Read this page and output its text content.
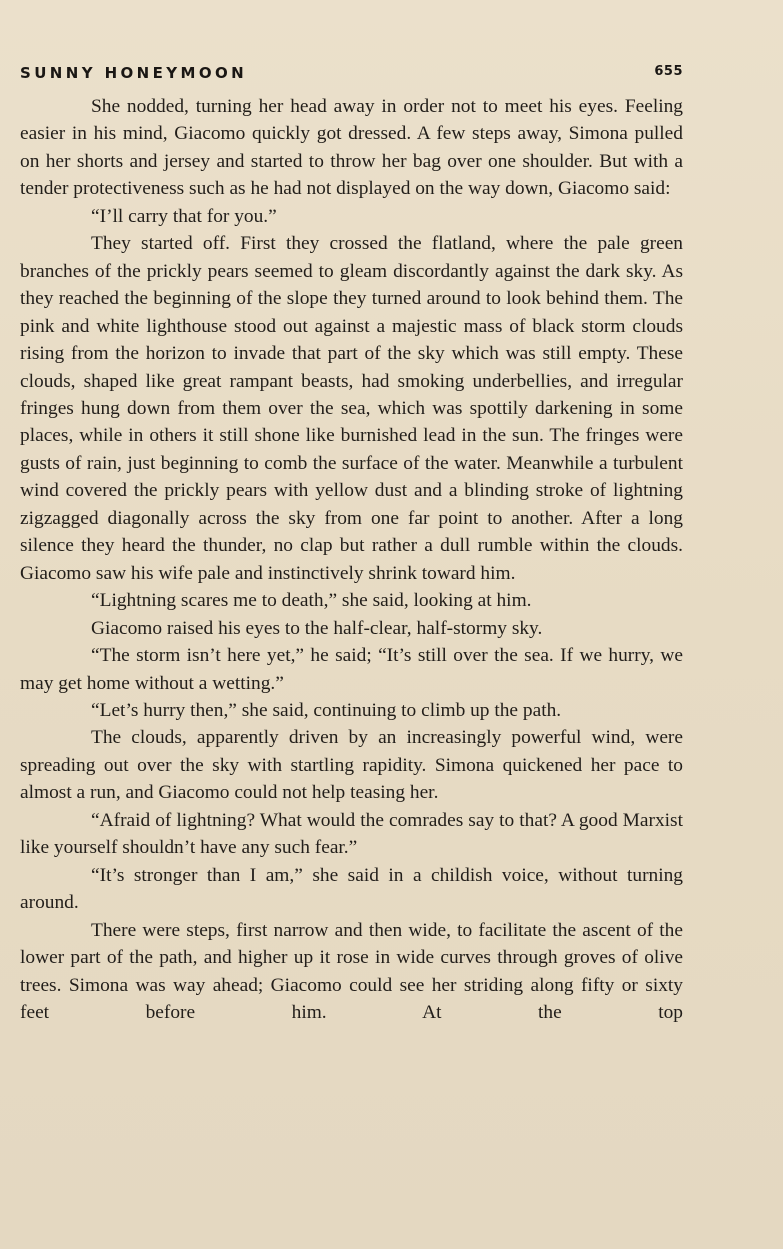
SUNNY HONEYMOON	655

She nodded, turning her head away in order not to meet his eyes. Feeling easier in his mind, Giacomo quickly got dressed. A few steps away, Simona pulled on her shorts and jersey and started to throw her bag over one shoulder. But with a tender protectiveness such as he had not displayed on the way down, Giacomo said:

“I’ll carry that for you.”

They started off. First they crossed the flatland, where the pale green branches of the prickly pears seemed to gleam discordantly against the dark sky. As they reached the beginning of the slope they turned around to look behind them. The pink and white lighthouse stood out against a majestic mass of black storm clouds rising from the horizon to invade that part of the sky which was still empty. These clouds, shaped like great rampant beasts, had smoking underbellies, and irregular fringes hung down from them over the sea, which was spottily darkening in some places, while in others it still shone like burnished lead in the sun. The fringes were gusts of rain, just beginning to comb the surface of the water. Meanwhile a turbulent wind covered the prickly pears with yellow dust and a blinding stroke of lightning zigzagged diagonally across the sky from one far point to another. After a long silence they heard the thunder, no clap but rather a dull rumble within the clouds. Giacomo saw his wife pale and instinctively shrink toward him.

“Lightning scares me to death,” she said, looking at him.

Giacomo raised his eyes to the half-clear, half-stormy sky.

“The storm isn’t here yet,” he said; “It’s still over the sea. If we hurry, we may get home without a wetting.”

“Let’s hurry then,” she said, continuing to climb up the path.

The clouds, apparently driven by an increasingly powerful wind, were spreading out over the sky with startling rapidity. Simona quickened her pace to almost a run, and Giacomo could not help teasing her.

“Afraid of lightning? What would the comrades say to that? A good Marxist like yourself shouldn’t have any such fear.”

“It’s stronger than I am,” she said in a childish voice, without turning around.

There were steps, first narrow and then wide, to facilitate the ascent of the lower part of the path, and higher up it rose in wide curves through groves of olive trees. Simona was way ahead; Giacomo could see her striding along fifty or sixty feet before him. At the top
